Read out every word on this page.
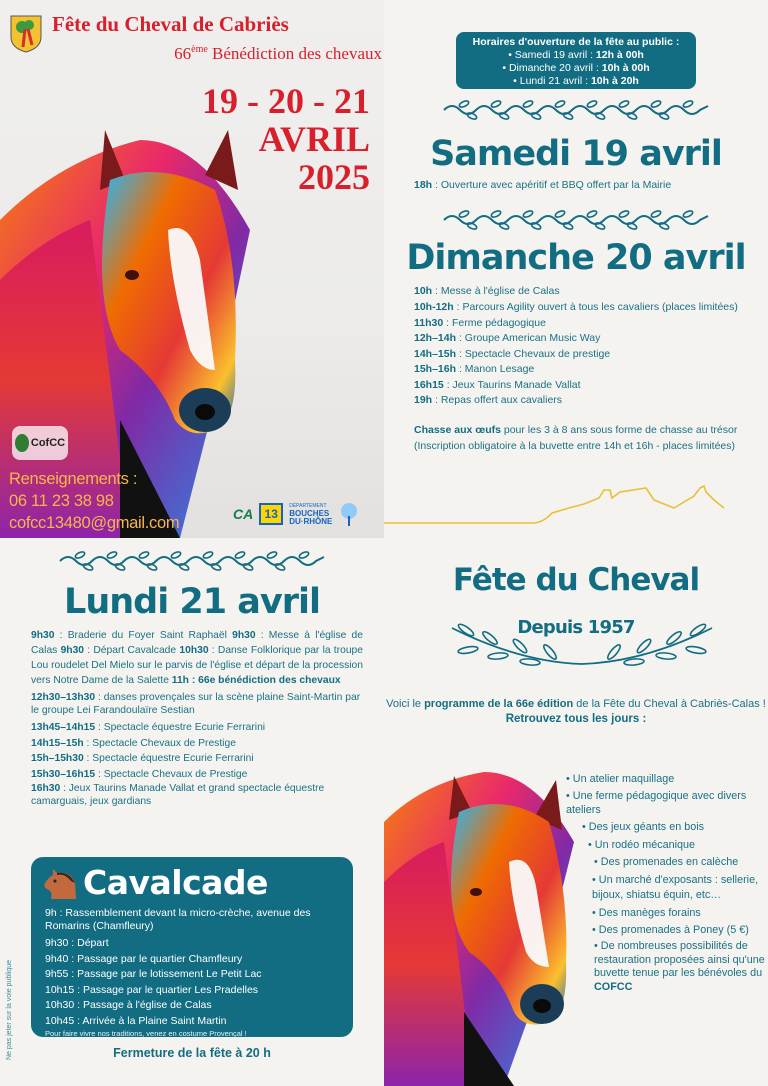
Fête du Cheval de Cabriès
66ème Bénédiction des chevaux
19 - 20 - 21
AVRIL
2025
CofCC
Renseignements :
06 11 23 38 98
cofcc13480@gmail.com	CA 13
DÉPARTEMENT
BOUCHES
DU·RHÔNE
Horaires d'ouverture de la fête au public :
• Samedi 19 avril : 12h à 00h
• Dimanche 20 avril : 10h à 00h
• Lundi 21 avril : 10h à 20h
Samedi 19 avril
18h : Ouverture avec apéritif et BBQ offert par la Mairie
Dimanche 20 avril
10h : Messe à l'église de Calas
10h-12h : Parcours Agility ouvert à tous les cavaliers (places limitées)
11h30 : Ferme pédagogique
12h–14h : Groupe American Music Way
14h–15h : Spectacle Chevaux de prestige
15h–16h : Manon Lesage
16h15 : Jeux Taurins Manade Vallat
19h : Repas offert aux cavaliers
Chasse aux œufs pour les 3 à 8 ans sous forme de chasse au trésor (Inscription obligatoire à la buvette entre 14h et 16h - places limitées)
Lundi 21 avril
9h30 : Braderie du Foyer Saint Raphaël 9h30 : Messe à l'église de Calas 9h30 : Départ Cavalcade 10h30 : Danse Folklorique par la troupe Lou roudelet Del Mielo sur le parvis de l'église et départ de la procession vers Notre Dame de la Salette 11h : 66e bénédiction des chevaux
12h30–13h30 : danses provençales sur la scène plaine Saint-Martin par le groupe Lei Farandoulaïre Sestian
13h45–14h15 : Spectacle équestre Ecurie Ferrarini
14h15–15h : Spectacle Chevaux de Prestige
15h–15h30 : Spectacle équestre Ecurie Ferrarini
15h30–16h15 : Spectacle Chevaux de Prestige
16h30 : Jeux Taurins Manade Vallat et grand spectacle équestre camarguais, jeux gardians
Cavalcade
9h : Rassemblement devant la micro-crèche, avenue des Romarins (Chamfleury)
9h30 : Départ
9h40 : Passage par le quartier Chamfleury
9h55 : Passage par le lotissement Le Petit Lac
10h15 : Passage par le quartier Les Pradelles
10h30 : Passage à l'église de Calas
10h45 : Arrivée à la Plaine Saint Martin
Pour faire vivre nos traditions, venez en costume Provençal !
Fermeture de la fête à 20 h
Ne pas jeter sur la voie publique
Fête du Cheval
Depuis 1957
Voici le programme de la 66e édition de la Fête du Cheval à Cabriès-Calas !
Retrouvez tous les jours :
• Un atelier maquillage
• Une ferme pédagogique avec divers ateliers
• Des jeux géants en bois
• Un rodéo mécanique
• Des promenades en calèche
• Un marché d'exposants : sellerie, bijoux, shiatsu équin, etc…
• Des manèges forains
• Des promenades à Poney (5 €)
• De nombreuses possibilités de restauration proposées ainsi qu'une buvette tenue par les bénévoles du COFCC
